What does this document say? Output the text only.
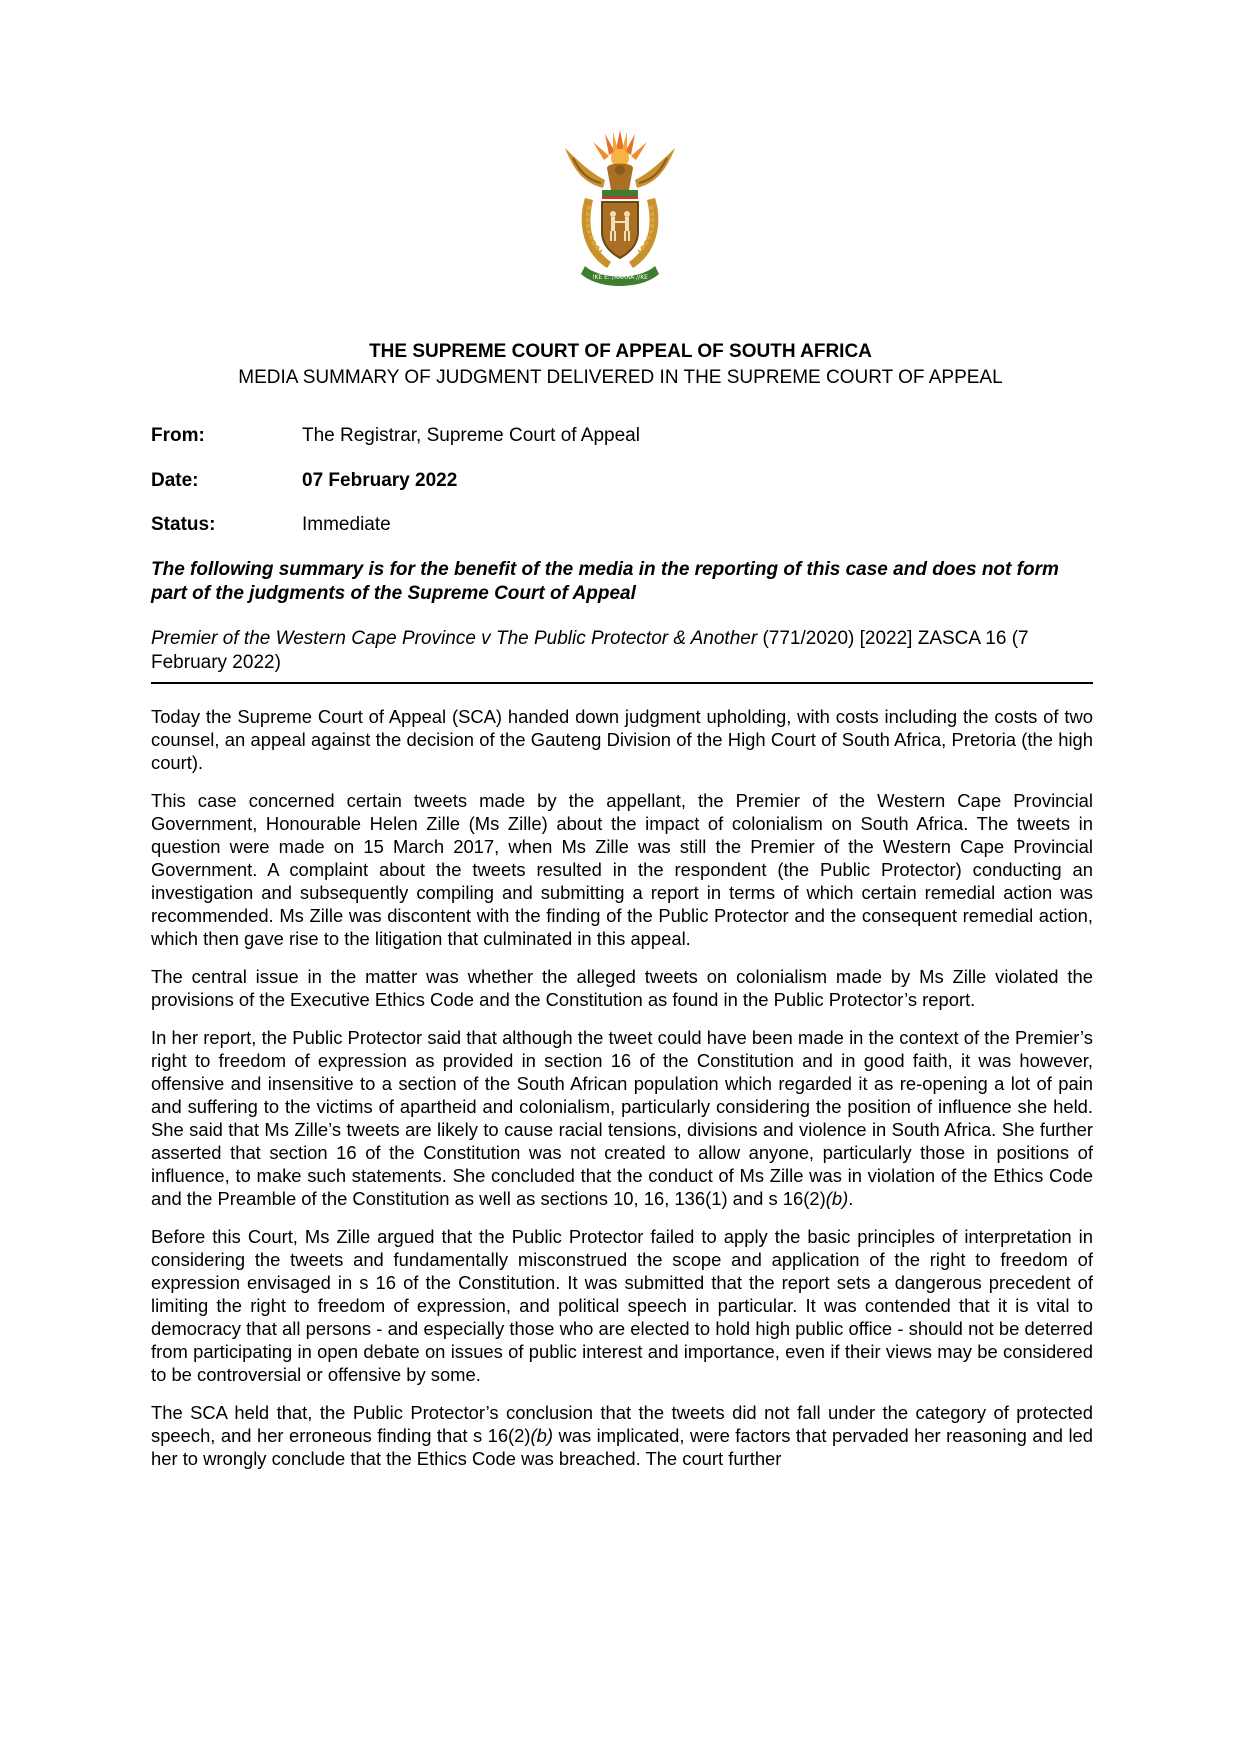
!KE E: /XARRA //KE
THE SUPREME COURT OF APPEAL OF SOUTH AFRICA
MEDIA SUMMARY OF JUDGMENT DELIVERED IN THE SUPREME COURT OF APPEAL
From:	The Registrar, Supreme Court of Appeal
Date:	07 February 2022
Status:	Immediate
The following summary is for the benefit of the media in the reporting of this case and does not form part of the judgments of the Supreme Court of Appeal
Premier of the Western Cape Province v The Public Protector & Another (771/2020) [2022] ZASCA 16 (7 February 2022)

Today the Supreme Court of Appeal (SCA) handed down judgment upholding, with costs including the costs of two counsel, an appeal against the decision of the Gauteng Division of the High Court of South Africa, Pretoria (the high court).

This case concerned certain tweets made by the appellant, the Premier of the Western Cape Provincial Government, Honourable Helen Zille (Ms Zille) about the impact of colonialism on South Africa. The tweets in question were made on 15 March 2017, when Ms Zille was still the Premier of the Western Cape Provincial Government. A complaint about the tweets resulted in the respondent (the Public Protector) conducting an investigation and subsequently compiling and submitting a report in terms of which certain remedial action was recommended. Ms Zille was discontent with the finding of the Public Protector and the consequent remedial action, which then gave rise to the litigation that culminated in this appeal.

The central issue in the matter was whether the alleged tweets on colonialism made by Ms Zille violated the provisions of the Executive Ethics Code and the Constitution as found in the Public Protector’s report.

In her report, the Public Protector said that although the tweet could have been made in the context of the Premier’s right to freedom of expression as provided in section 16 of the Constitution and in good faith, it was however, offensive and insensitive to a section of the South African population which regarded it as re-opening a lot of pain and suffering to the victims of apartheid and colonialism, particularly considering the position of influence she held. She said that Ms Zille’s tweets are likely to cause racial tensions, divisions and violence in South Africa. She further asserted that section 16 of the Constitution was not created to allow anyone, particularly those in positions of influence, to make such statements. She concluded that the conduct of Ms Zille was in violation of the Ethics Code and the Preamble of the Constitution as well as sections 10, 16, 136(1) and s 16(2)(b).

Before this Court, Ms Zille argued that the Public Protector failed to apply the basic principles of interpretation in considering the tweets and fundamentally misconstrued the scope and application of the right to freedom of expression envisaged in s 16 of the Constitution. It was submitted that the report sets a dangerous precedent of limiting the right to freedom of expression, and political speech in particular. It was contended that it is vital to democracy that all persons - and especially those who are elected to hold high public office - should not be deterred from participating in open debate on issues of public interest and importance, even if their views may be considered to be controversial or offensive by some.

The SCA held that, the Public Protector’s conclusion that the tweets did not fall under the category of protected speech, and her erroneous finding that s 16(2)(b) was implicated, were factors that pervaded her reasoning and led her to wrongly conclude that the Ethics Code was breached. The court further
